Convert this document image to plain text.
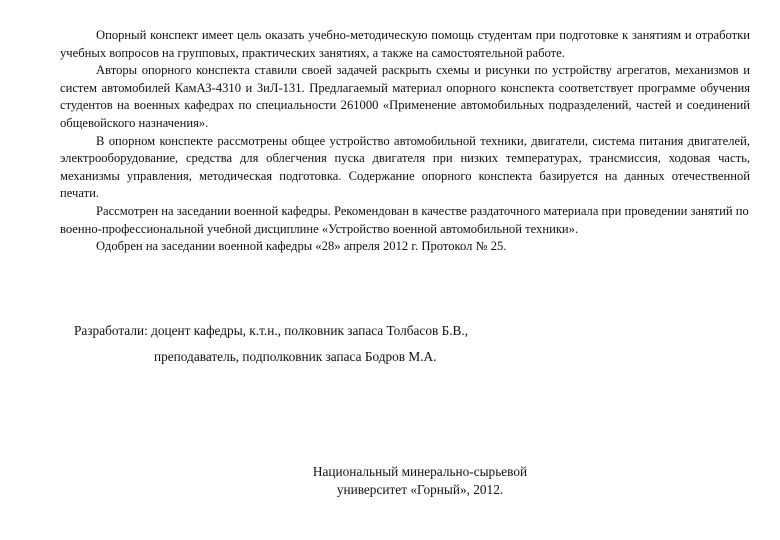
Опорный конспект имеет цель оказать учебно-методическую помощь студентам при подготовке к занятиям и отработки учебных вопросов на групповых, практических занятиях, а также на самостоятельной работе.

Авторы опорного конспекта ставили своей задачей раскрыть схемы и рисунки по устройству агрегатов, механизмов и систем автомобилей КамАЗ-4310 и ЗиЛ-131. Предлагаемый материал опорного конспекта соответствует программе обучения студентов на военных кафедрах по специальности 261000 «Применение автомобильных подразделений, частей и соединений общевойского назначения».

В опорном конспекте рассмотрены общее устройство автомобильной техники, двигатели, система питания двигателей, электрооборудование, средства для облегчения пуска двигателя при низких температурах, трансмиссия, ходовая часть, механизмы управления, методическая подготовка. Содержание опорного конспекта базируется на данных отечественной печати.

Рассмотрен на заседании военной кафедры. Рекомендован в качестве раздаточного материала при проведении занятий по военно-профессиональной учебной дисциплине «Устройство военной автомобильной техники».

Одобрен на заседании военной кафедры «28» апреля 2012 г. Протокол № 25.

Разработали: доцент кафедры, к.т.н., полковник запаса Толбасов Б.В.,

преподаватель, подполковник запаса Бодров М.А.

Национальный минерально-сырьевой

университет «Горный», 2012.
